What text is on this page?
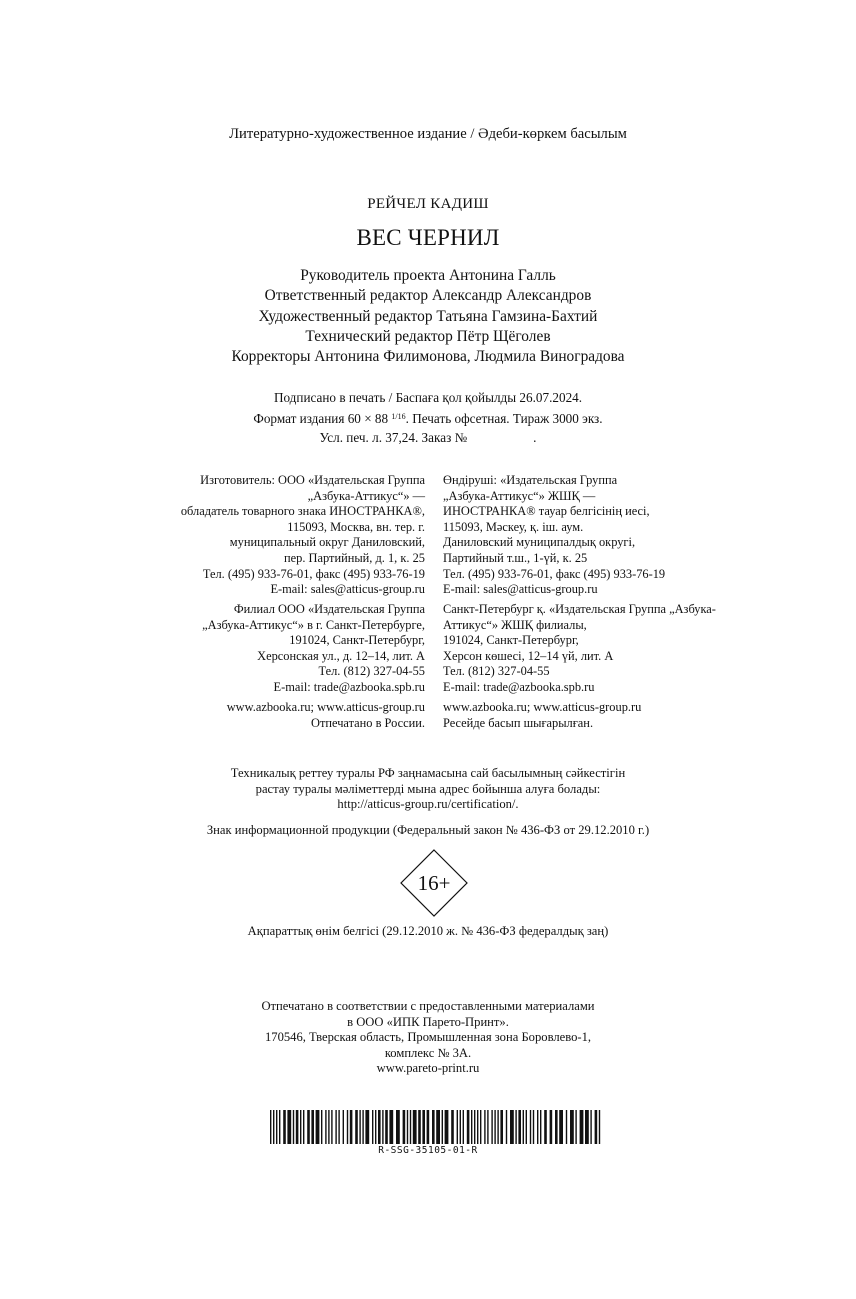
Литературно-художественное издание / Әдеби-көркем басылым
РЕЙЧЕЛ КАДИШ
ВЕС ЧЕРНИЛ
Руководитель проекта Антонина Галль
Ответственный редактор Александр Александров
Художественный редактор Татьяна Гамзина-Бахтий
Технический редактор Пётр Щёголев
Корректоры Антонина Филимонова, Людмила Виноградова
Подписано в печать / Баспаға қол қойылды 26.07.2024.
Формат издания 60 × 88 $^{1/16}$. Печать офсетная. Тираж 3000 экз.
Усл. печ. л. 37,24. Заказ №	.
Изготовитель: ООО «Издательская Группа
„Азбука-Аттикус“» —
обладатель товарного знака ИНОСТРАНКА®,
115093, Москва, вн. тер. г.
муниципальный округ Даниловский,
пер. Партийный, д. 1, к. 25
Тел. (495) 933-76-01, факс (495) 933-76-19
E-mail: sales@atticus-group.ru
Өндіруші: «Издательская Группа
„Азбука-Аттикус“» ЖШҚ —
ИНОСТРАНКА® тауар белгісінің иесі,
115093, Мәскеу, қ. іш. аум.
Даниловский муниципалдық округі,
Партийный т.ш., 1-үй, к. 25
Тел. (495) 933-76-01, факс (495) 933-76-19
E-mail: sales@atticus-group.ru
Филиал ООО «Издательская Группа
„Азбука-Аттикус“» в г. Санкт-Петербурге,
191024, Санкт-Петербург,
Херсонская ул., д. 12–14, лит. А
Тел. (812) 327-04-55
E-mail: trade@azbooka.spb.ru
Санкт-Петербург қ. «Издательская Группа „Азбука-
Аттикус“» ЖШҚ филиалы,
191024, Санкт-Петербург,
Херсон көшесі, 12–14 үй, лит. А
Тел. (812) 327-04-55
E-mail: trade@azbooka.spb.ru
www.azbooka.ru; www.atticus-group.ru
Отпечатано в России.
www.azbooka.ru; www.atticus-group.ru
Ресейде басып шығарылған.
Техникалық реттеу туралы РФ заңнамасына сай басылымның сәйкестігін
растау туралы мәліметтерді мына адрес бойынша алуға болады:
http://atticus-group.ru/certification/.
Знак информационной продукции (Федеральный закон № 436-ФЗ от 29.12.2010 г.)
16+
Ақпараттық өнім белгісі (29.12.2010 ж. № 436-ФЗ федералдық заң)
Отпечатано в соответствии с предоставленными материалами
в ООО «ИПК Парето-Принт».
170546, Тверская область, Промышленная зона Боровлево-1,
комплекс № 3А.
www.pareto-print.ru
R-SSG-35105-01-R
